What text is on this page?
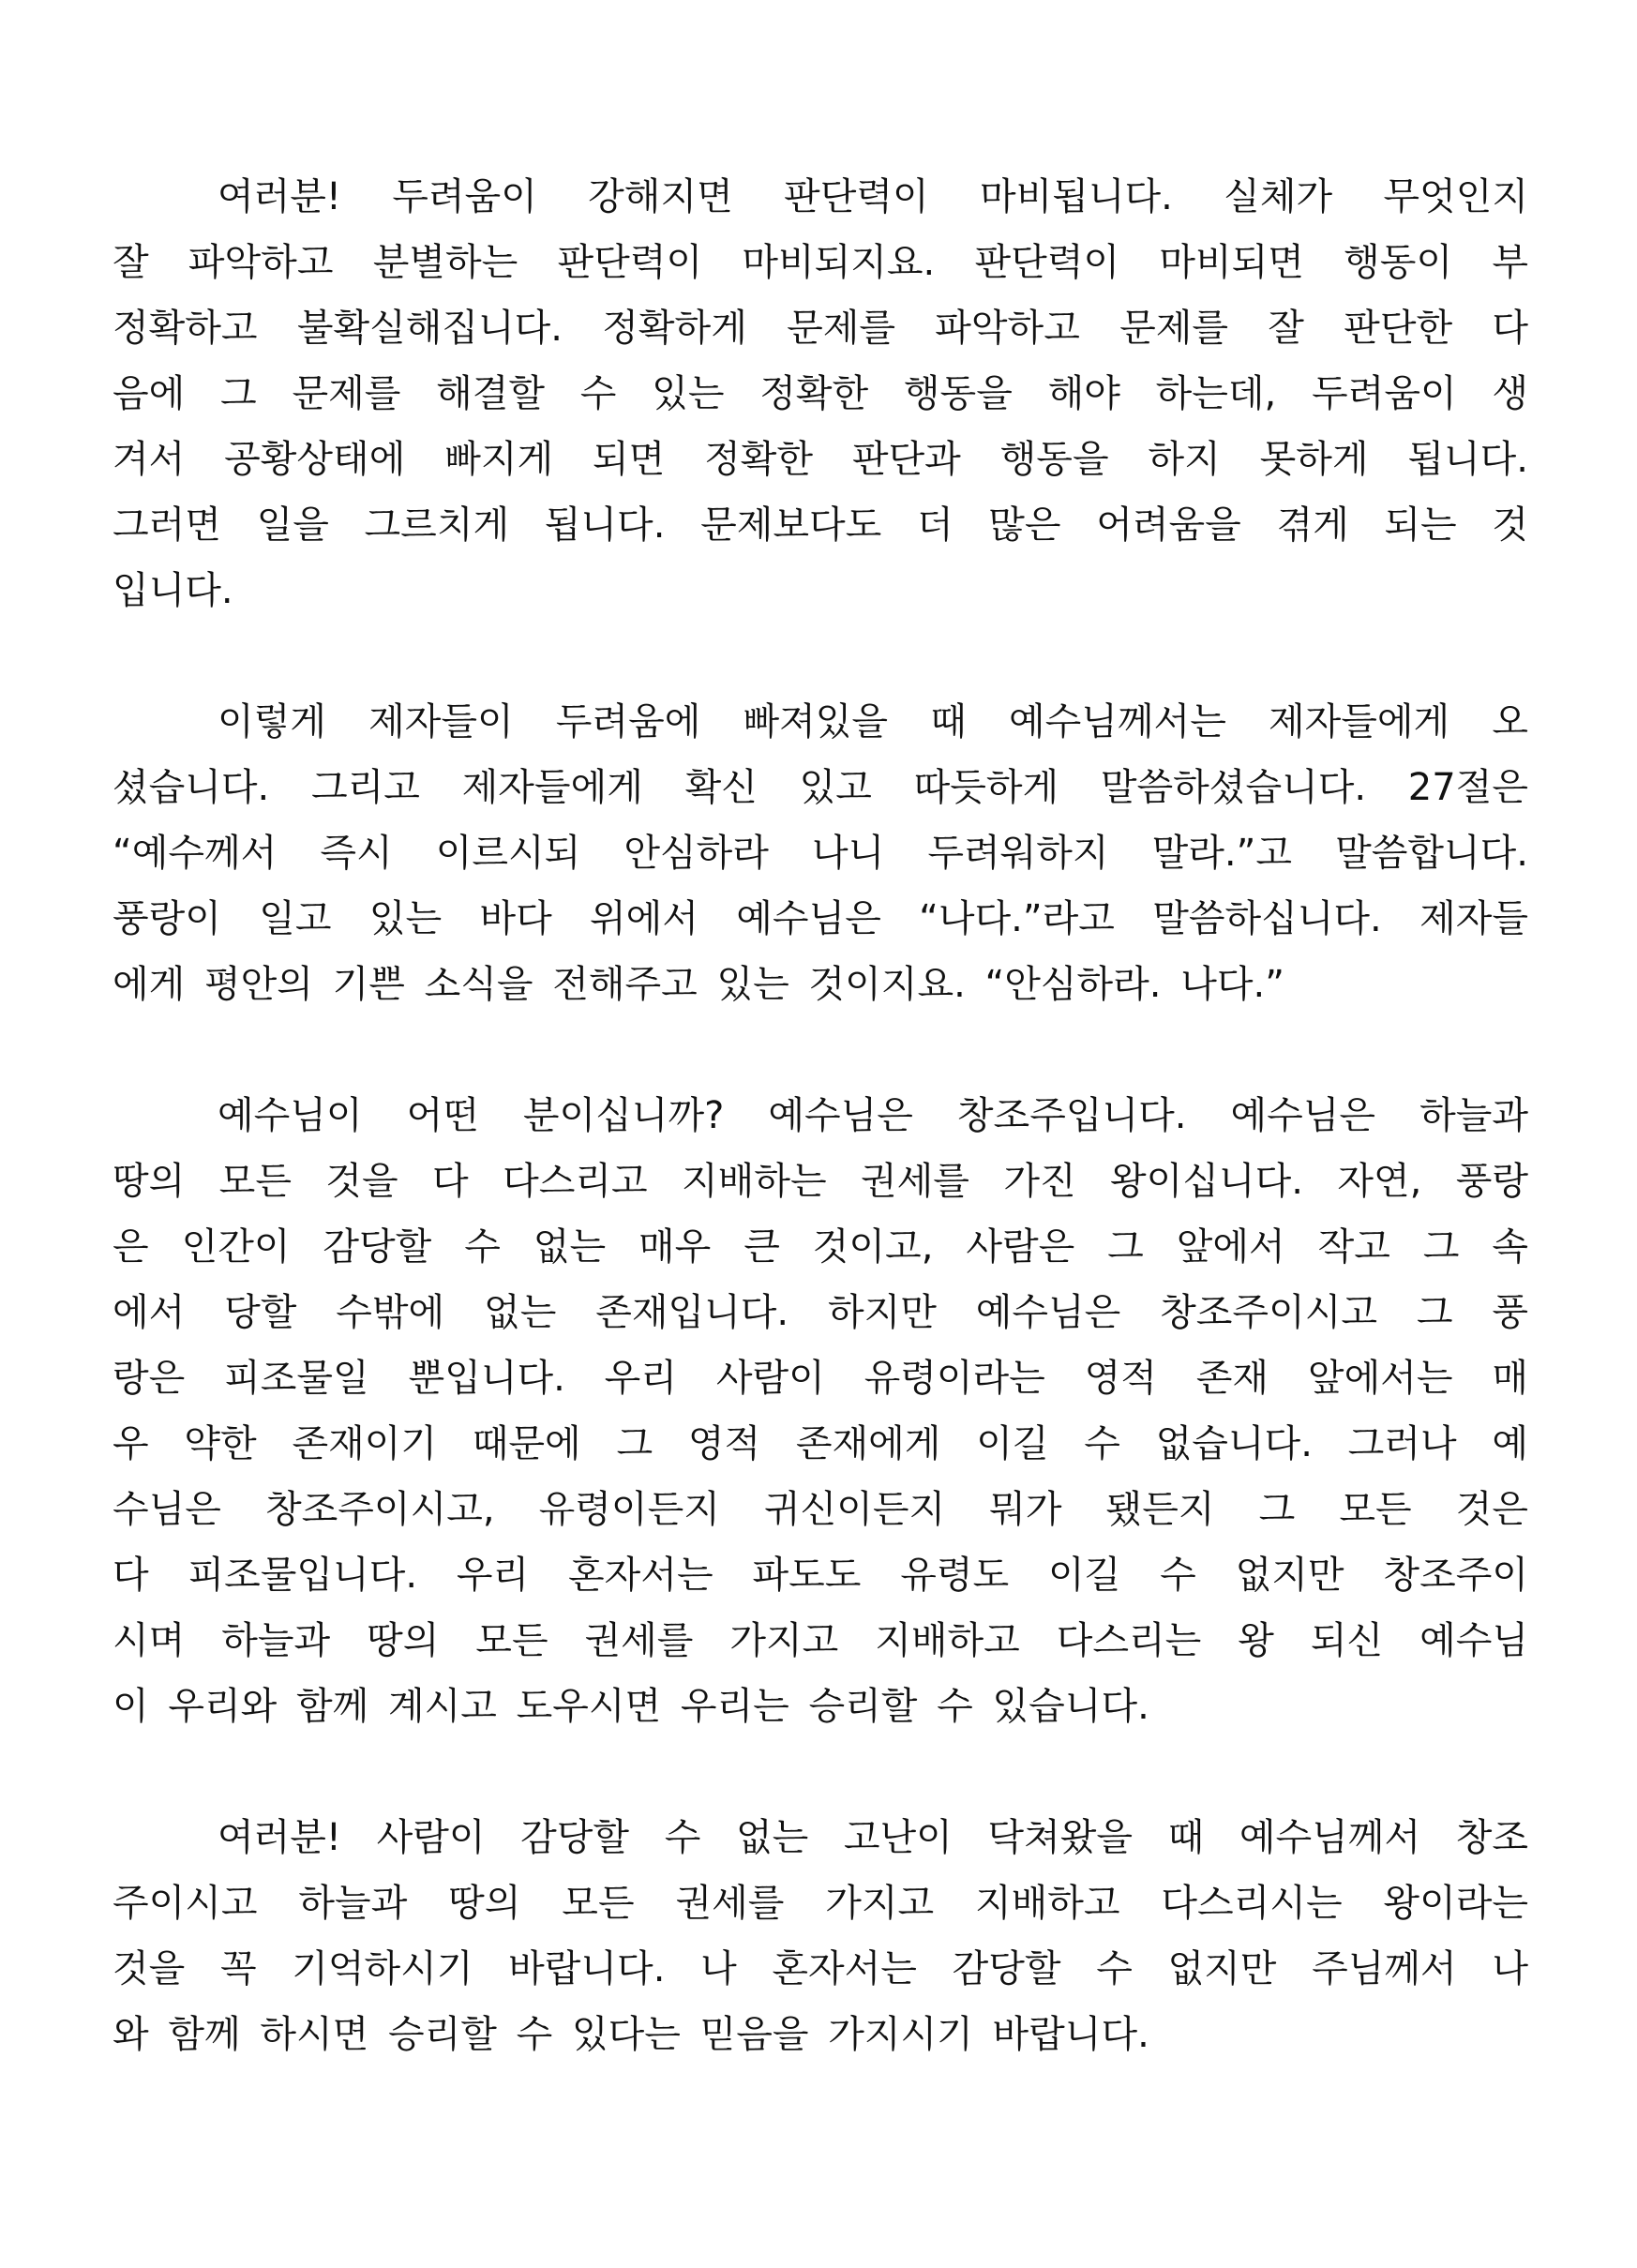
여러분! 두려움이 강해지면 판단력이 마비됩니다. 실체가 무엇인지
잘 파악하고 분별하는 판단력이 마비되지요. 판단력이 마비되면 행동이 부
정확하고 불확실해집니다. 정확하게 문제를 파악하고 문제를 잘 판단한 다
음에 그 문제를 해결할 수 있는 정확한 행동을 해야 하는데, 두려움이 생
겨서 공황상태에 빠지게 되면 정확한 판단과 행동을 하지 못하게 됩니다.
그러면 일을 그르치게 됩니다. 문제보다도 더 많은 어려움을 겪게 되는 것
입니다.
이렇게 제자들이 두려움에 빠져있을 때 예수님께서는 제자들에게 오
셨습니다. 그리고 제자들에게 확신 있고 따듯하게 말씀하셨습니다. 27절은
“예수께서 즉시 이르시되 안심하라 나니 두려워하지 말라.”고 말씀합니다.
풍랑이 일고 있는 바다 위에서 예수님은 “나다.”라고 말씀하십니다. 제자들
에게 평안의 기쁜 소식을 전해주고 있는 것이지요. “안심하라. 나다.”
예수님이 어떤 분이십니까? 예수님은 창조주입니다. 예수님은 하늘과
땅의 모든 것을 다 다스리고 지배하는 권세를 가진 왕이십니다. 자연, 풍랑
은 인간이 감당할 수 없는 매우 큰 것이고, 사람은 그 앞에서 작고 그 속
에서 당할 수밖에 없는 존재입니다. 하지만 예수님은 창조주이시고 그 풍
랑은 피조물일 뿐입니다. 우리 사람이 유령이라는 영적 존재 앞에서는 매
우 약한 존재이기 때문에 그 영적 존재에게 이길 수 없습니다. 그러나 예
수님은 창조주이시고, 유령이든지 귀신이든지 뭐가 됐든지 그 모든 것은
다 피조물입니다. 우리 혼자서는 파도도 유령도 이길 수 없지만 창조주이
시며 하늘과 땅의 모든 권세를 가지고 지배하고 다스리는 왕 되신 예수님
이 우리와 함께 계시고 도우시면 우리는 승리할 수 있습니다.
여러분! 사람이 감당할 수 없는 고난이 닥쳐왔을 때 예수님께서 창조
주이시고 하늘과 땅의 모든 권세를 가지고 지배하고 다스리시는 왕이라는
것을 꼭 기억하시기 바랍니다. 나 혼자서는 감당할 수 없지만 주님께서 나
와 함께 하시면 승리할 수 있다는 믿음을 가지시기 바랍니다.
